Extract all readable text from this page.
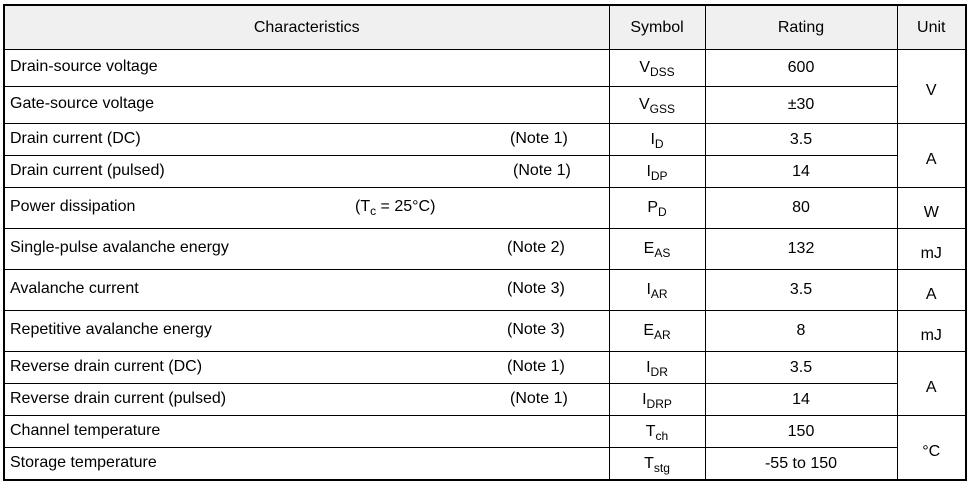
Characteristics	Symbol	Rating	Unit

Drain-source voltage	$V_{DSS}$	600	V

Gate-source voltage	$V_{GSS}$	±30	

Drain current (DC) (Note 1)	$I_D$	3.5	A

Drain current (pulsed) (Note 1)	$I_{DP}$	14	

Power dissipation $(T_c = 25^\circ C)$	$P_D$	80	W

Single-pulse avalanche energy (Note 2)	$E_{AS}$	132	mJ

Avalanche current (Note 3)	$I_{AR}$	3.5	A

Repetitive avalanche energy (Note 3)	$E_{AR}$	8	mJ

Reverse drain current (DC) (Note 1)	$I_{DR}$	3.5	A

Reverse drain current (pulsed) (Note 1)	$I_{DRP}$	14	

Channel temperature	$T_{ch}$	150	°C

Storage temperature	$T_{stg}$	-55 to 150	
